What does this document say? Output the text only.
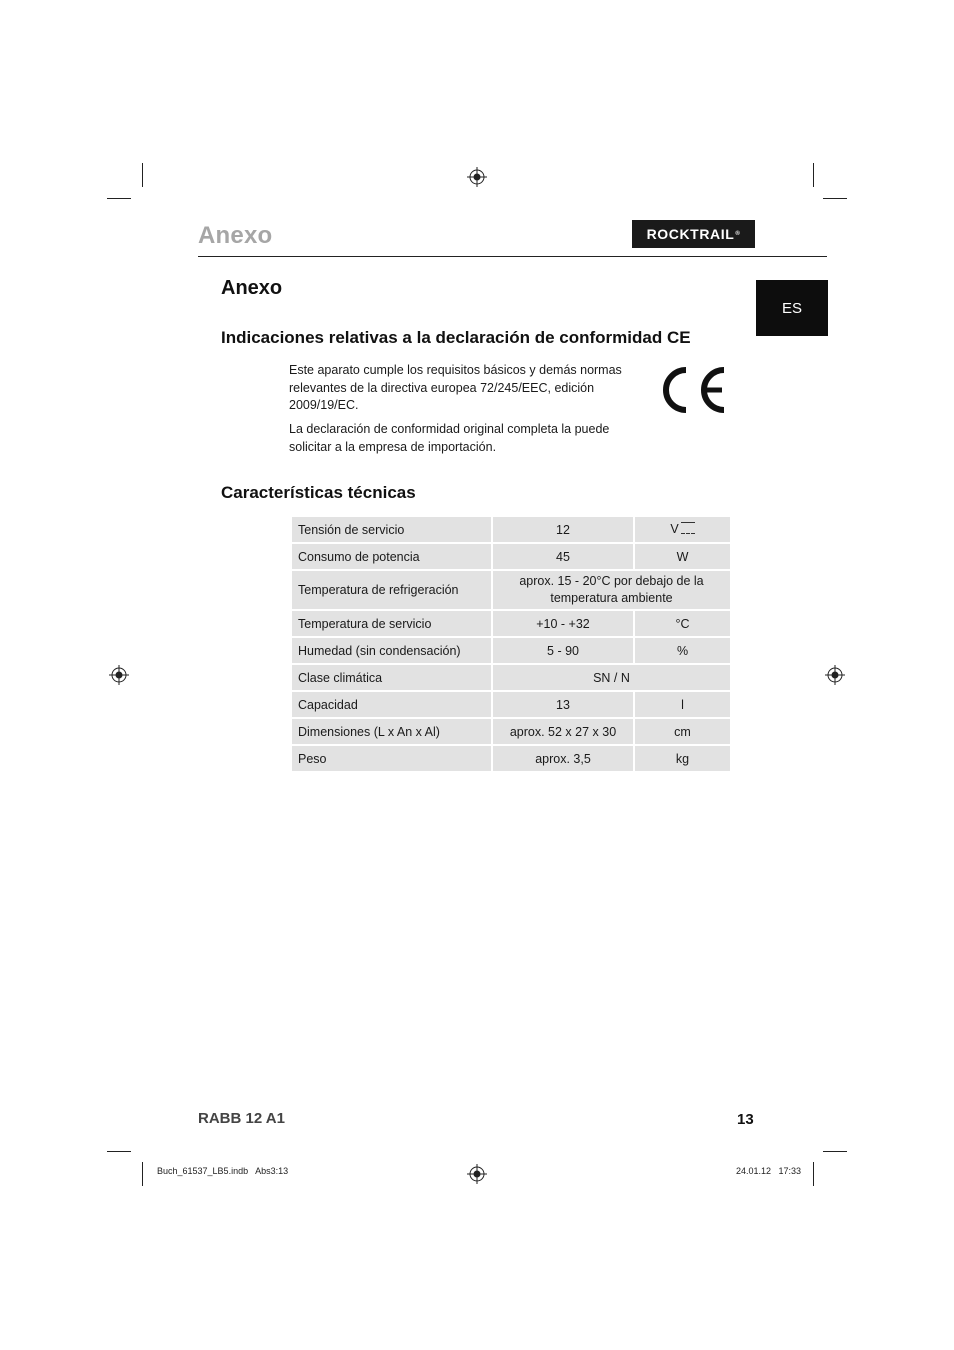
Anexo	ROCKTRAIL ®
ES
Anexo
Indicaciones relativas a la declaración de conformidad CE
Este aparato cumple los requisitos básicos y demás normas relevantes de la directiva europea 72/245/EEC, edición 2009/19/EC.
La declaración de conformidad original completa la puede solicitar a la empresa de importación.
Características técnicas
Tensión de servicio	12	V

Consumo de potencia	45	W
Temperatura de refrigeración	aprox. 15 - 20°C por debajo de la temperatura ambiente	
Temperatura de servicio	+10 - +32	°C
Humedad (sin condensación)	5 - 90	%
Clase climática	SN / N	
Capacidad	13	l
Dimensiones (L x An x Al)	aprox. 52 x 27 x 30	cm
Peso	aprox. 3,5	kg
RABB 12 A1	13
Buch_61537_LB5.indb   Abs3:13	24.01.12   17:33
